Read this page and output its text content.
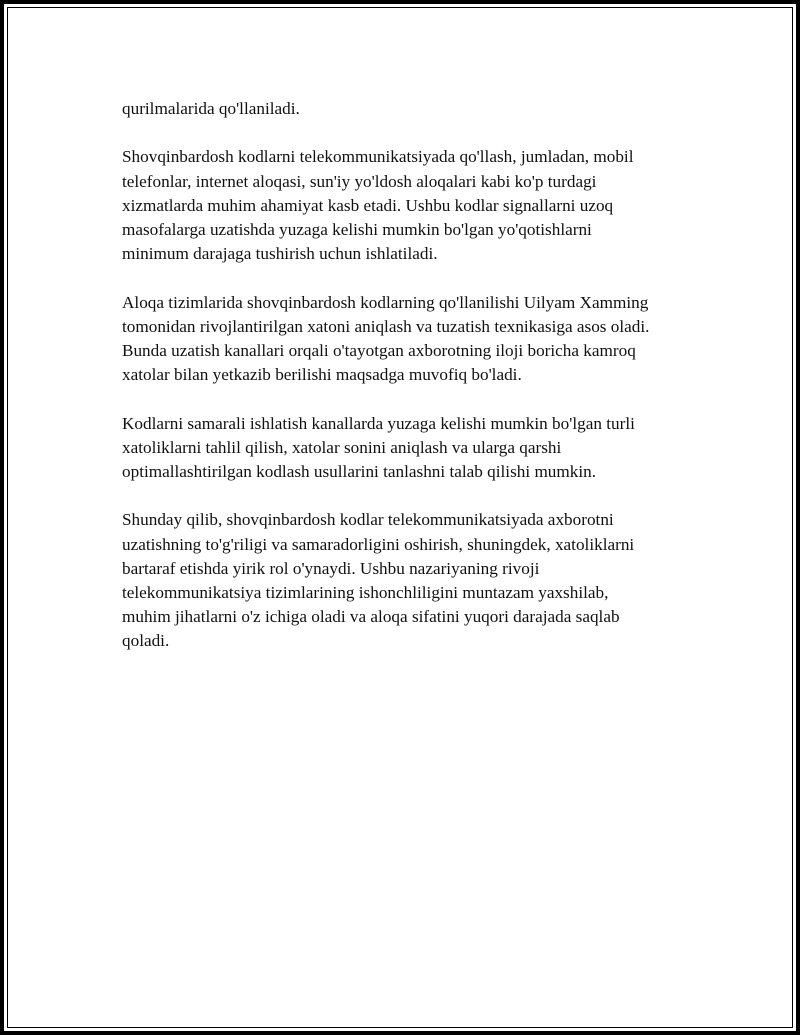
qurilmalarida qo'llaniladi.

Shovqinbardosh kodlarni telekommunikatsiyada qo'llash, jumladan, mobil
telefonlar, internet aloqasi, sun'iy yo'ldosh aloqalari kabi ko'p turdagi
xizmatlarda muhim ahamiyat kasb etadi. Ushbu kodlar signallarni uzoq
masofalarga uzatishda yuzaga kelishi mumkin bo'lgan yo'qotishlarni
minimum darajaga tushirish uchun ishlatiladi.

Aloqa tizimlarida shovqinbardosh kodlarning qo'llanilishi Uilyam Xamming
tomonidan rivojlantirilgan xatoni aniqlash va tuzatish texnikasiga asos oladi.
Bunda uzatish kanallari orqali o'tayotgan axborotning iloji boricha kamroq
xatolar bilan yetkazib berilishi maqsadga muvofiq bo'ladi.

Kodlarni samarali ishlatish kanallarda yuzaga kelishi mumkin bo'lgan turli
xatoliklarni tahlil qilish, xatolar sonini aniqlash va ularga qarshi
optimallashtirilgan kodlash usullarini tanlashni talab qilishi mumkin.

Shunday qilib, shovqinbardosh kodlar telekommunikatsiyada axborotni
uzatishning to'g'riligi va samaradorligini oshirish, shuningdek, xatoliklarni
bartaraf etishda yirik rol o'ynaydi. Ushbu nazariyaning rivoji
telekommunikatsiya tizimlarining ishonchliligini muntazam yaxshilab,
muhim jihatlarni o'z ichiga oladi va aloqa sifatini yuqori darajada saqlab
qoladi.
